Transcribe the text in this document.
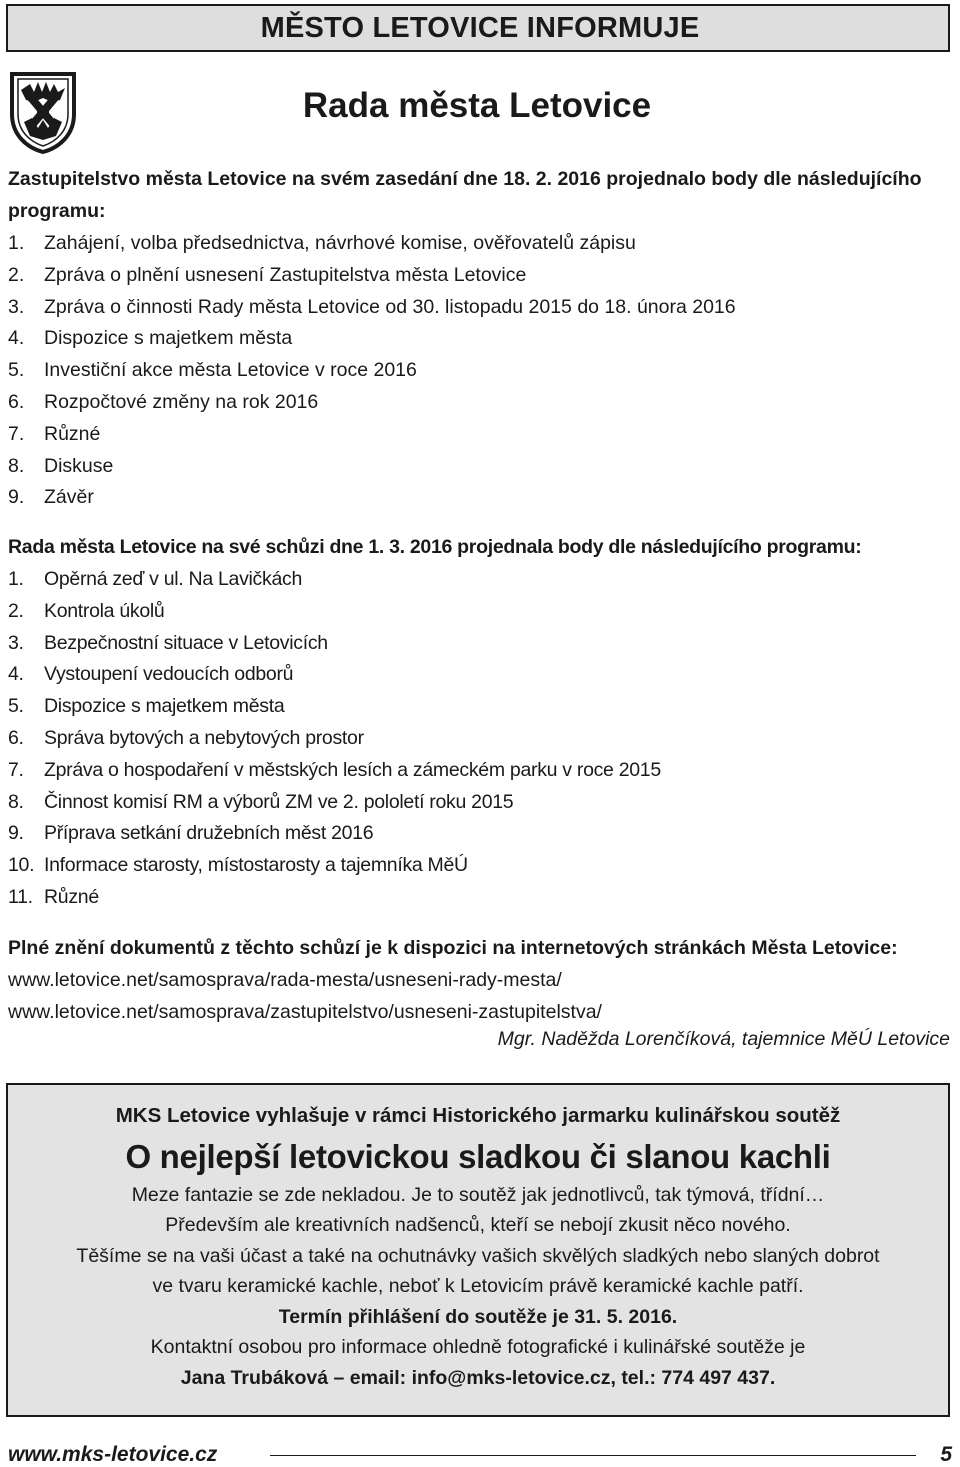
MĚSTO LETOVICE INFORMUJE
Rada města Letovice
Zastupitelstvo města Letovice na svém zasedání dne 18. 2. 2016 projednalo body dle následujícího programu:
1.	Zahájení, volba předsednictva, návrhové komise, ověřovatelů zápisu
2.	Zpráva o plnění usnesení Zastupitelstva města Letovice
3.	Zpráva o činnosti Rady města Letovice od 30. listopadu 2015 do 18. února 2016
4.	Dispozice s majetkem města
5.	Investiční akce města Letovice v roce 2016
6.	Rozpočtové změny na rok 2016
7.	Různé
8.	Diskuse
9.	Závěr
Rada města Letovice na své schůzi dne 1. 3. 2016 projednala body dle následujícího programu:
1.	Opěrná zeď v ul. Na Lavičkách
2.	Kontrola úkolů
3.	Bezpečnostní situace v Letovicích
4.	Vystoupení vedoucích odborů
5.	Dispozice s majetkem města
6.	Správa bytových a nebytových prostor
7.	Zpráva o hospodaření v městských lesích a zámeckém parku v roce 2015
8.	Činnost komisí RM a výborů ZM ve 2. pololetí roku 2015
9.	Příprava setkání družebních měst 2016
10. Informace starosty, místostarosty a tajemníka MěÚ
11. Různé
Plné znění dokumentů z těchto schůzí je k dispozici na internetových stránkách Města Letovice:
www.letovice.net/samosprava/rada-mesta/usneseni-rady-mesta/
www.letovice.net/samosprava/zastupitelstvo/usneseni-zastupitelstva/
Mgr. Naděžda Lorenčíková, tajemnice MěÚ Letovice

MKS Letovice vyhlašuje v rámci Historického jarmarku kulinářskou soutěž

O nejlepší letovickou sladkou či slanou kachli

Meze fantazie se zde nekladou. Je to soutěž jak jednotlivců, tak týmová, třídní…

Především ale kreativních nadšenců, kteří se nebojí zkusit něco nového.

Těšíme se na vaši účast a také na ochutnávky vašich skvělých sladkých nebo slaných dobrot

ve tvaru keramické kachle, neboť k Letovicím právě keramické kachle patří.

Termín přihlášení do soutěže je 31. 5. 2016.

Kontaktní osobou pro informace ohledně fotografické i kulinářské soutěže je

Jana Trubáková – email: info@mks-letovice.cz, tel.: 774 497 437.

www.mks-letovice.cz	5
